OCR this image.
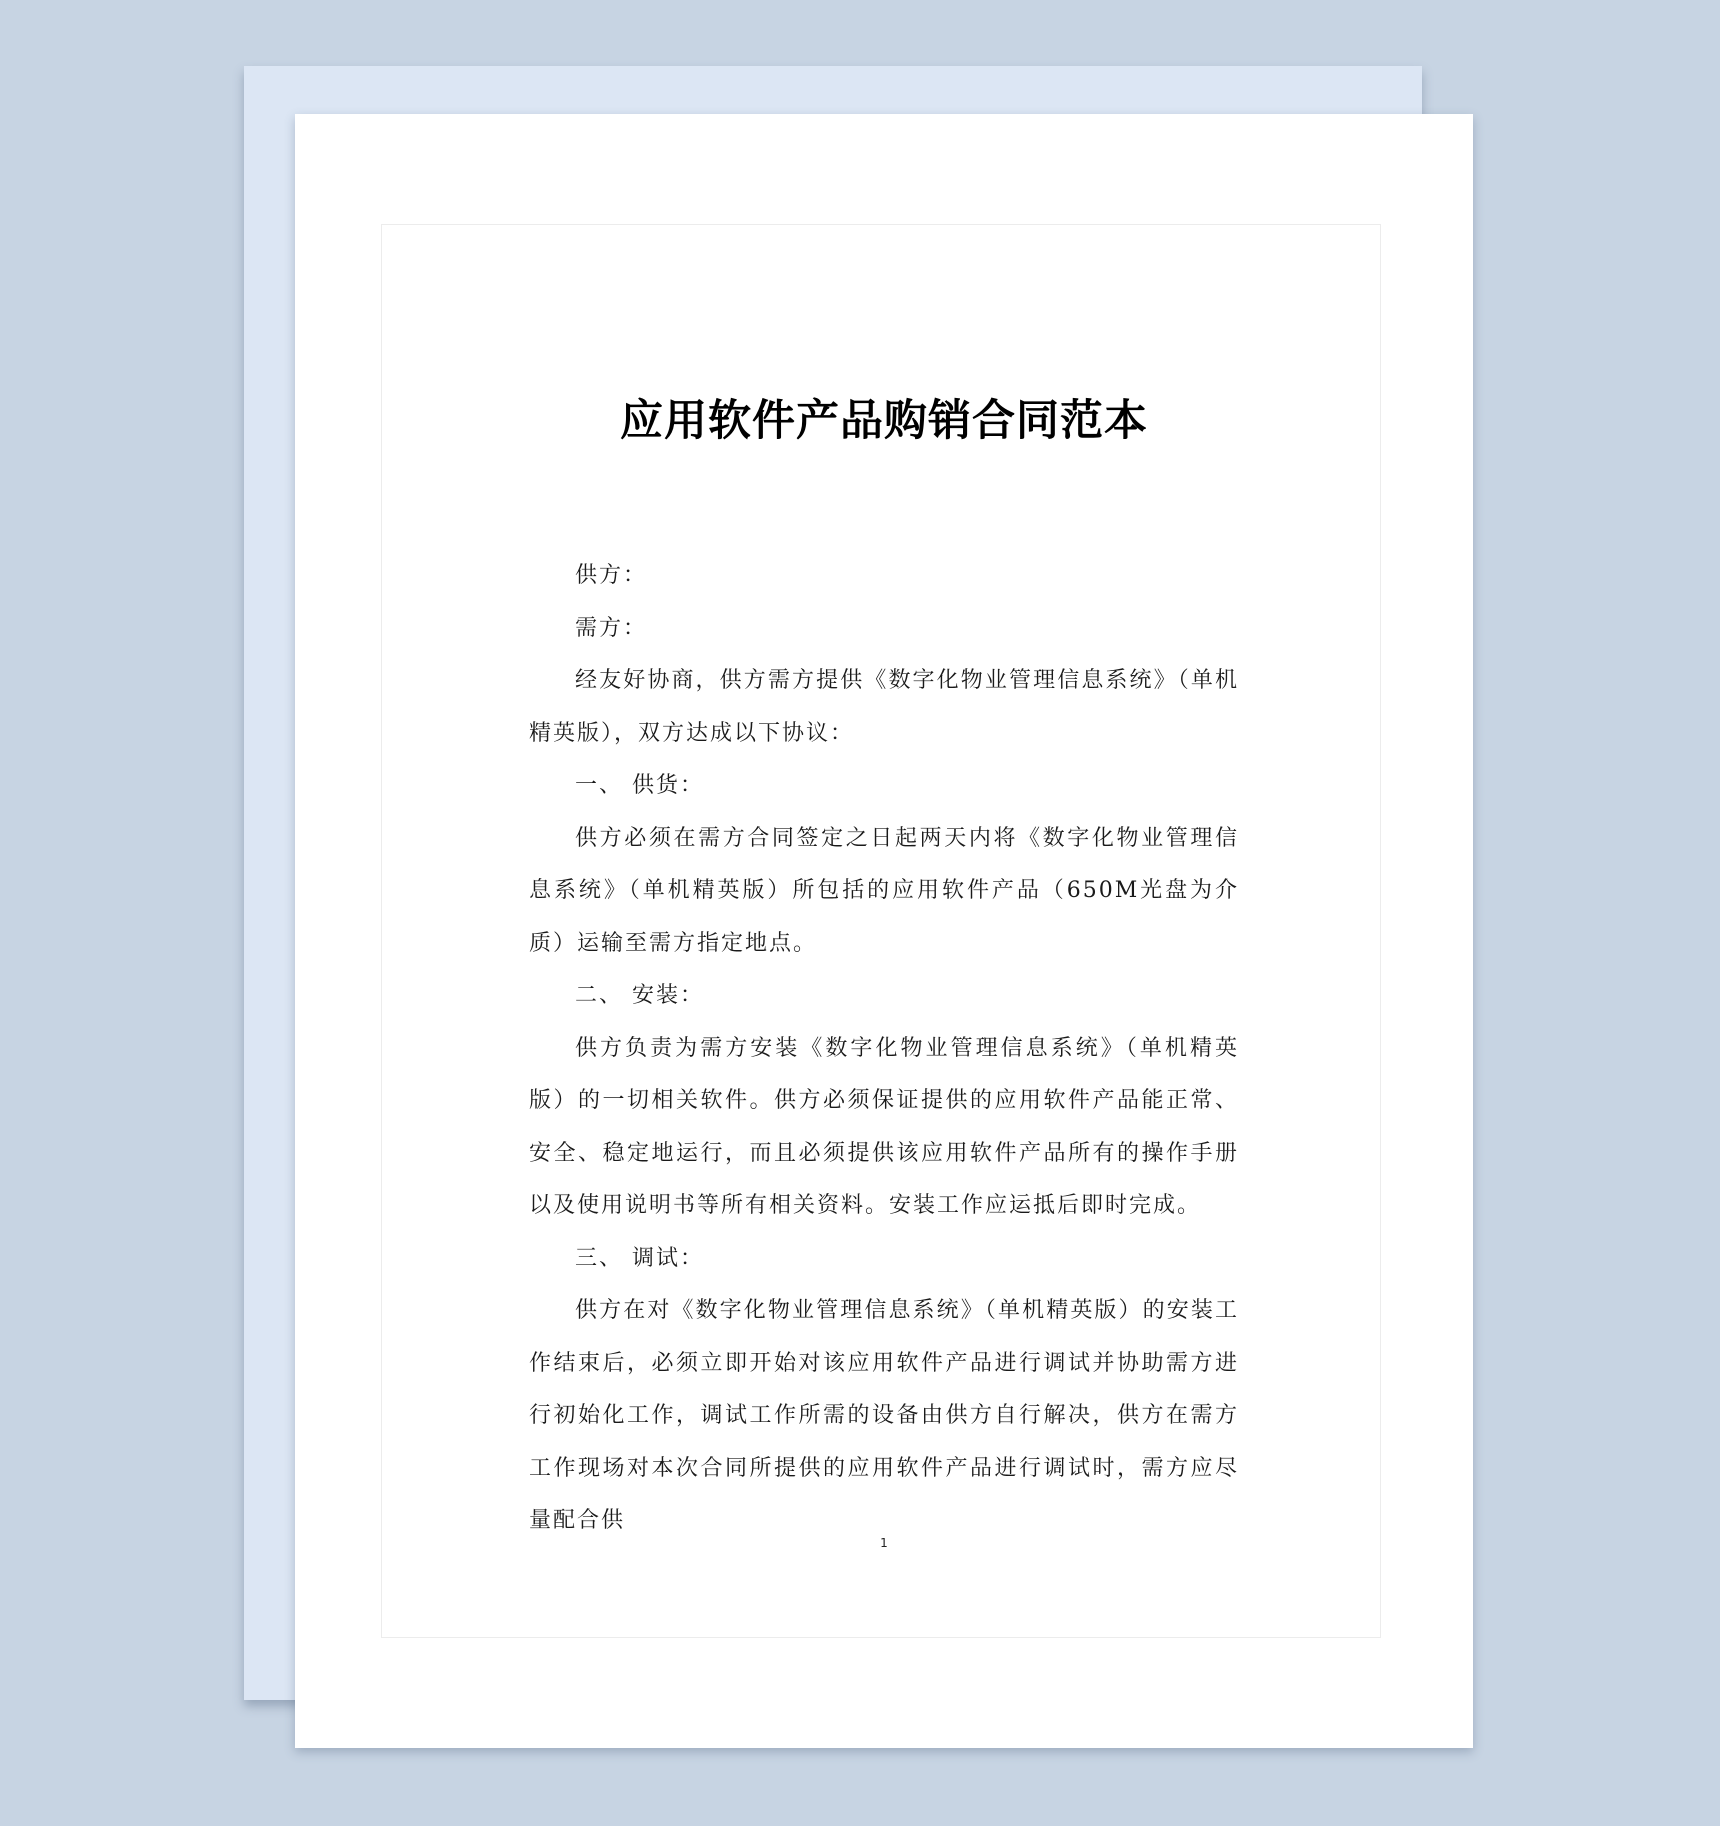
应用软件产品购销合同范本

供方：

需方：

经友好协商，供方需方提供《数字化物业管理信息系统》（单机精英版），双方达成以下协议：

一、 供货：

供方必须在需方合同签定之日起两天内将《数字化物业管理信息系统》（单机精英版）所包括的应用软件产品（650M光盘为介质）运输至需方指定地点。

二、 安装：

供方负责为需方安装《数字化物业管理信息系统》（单机精英版）的一切相关软件。供方必须保证提供的应用软件产品能正常、安全、稳定地运行，而且必须提供该应用软件产品所有的操作手册以及使用说明书等所有相关资料。安装工作应运抵后即时完成。

三、 调试：

供方在对《数字化物业管理信息系统》（单机精英版）的安装工作结束后，必须立即开始对该应用软件产品进行调试并协助需方进行初始化工作，调试工作所需的设备由供方自行解决，供方在需方工作现场对本次合同所提供的应用软件产品进行调试时，需方应尽量配合供

1
